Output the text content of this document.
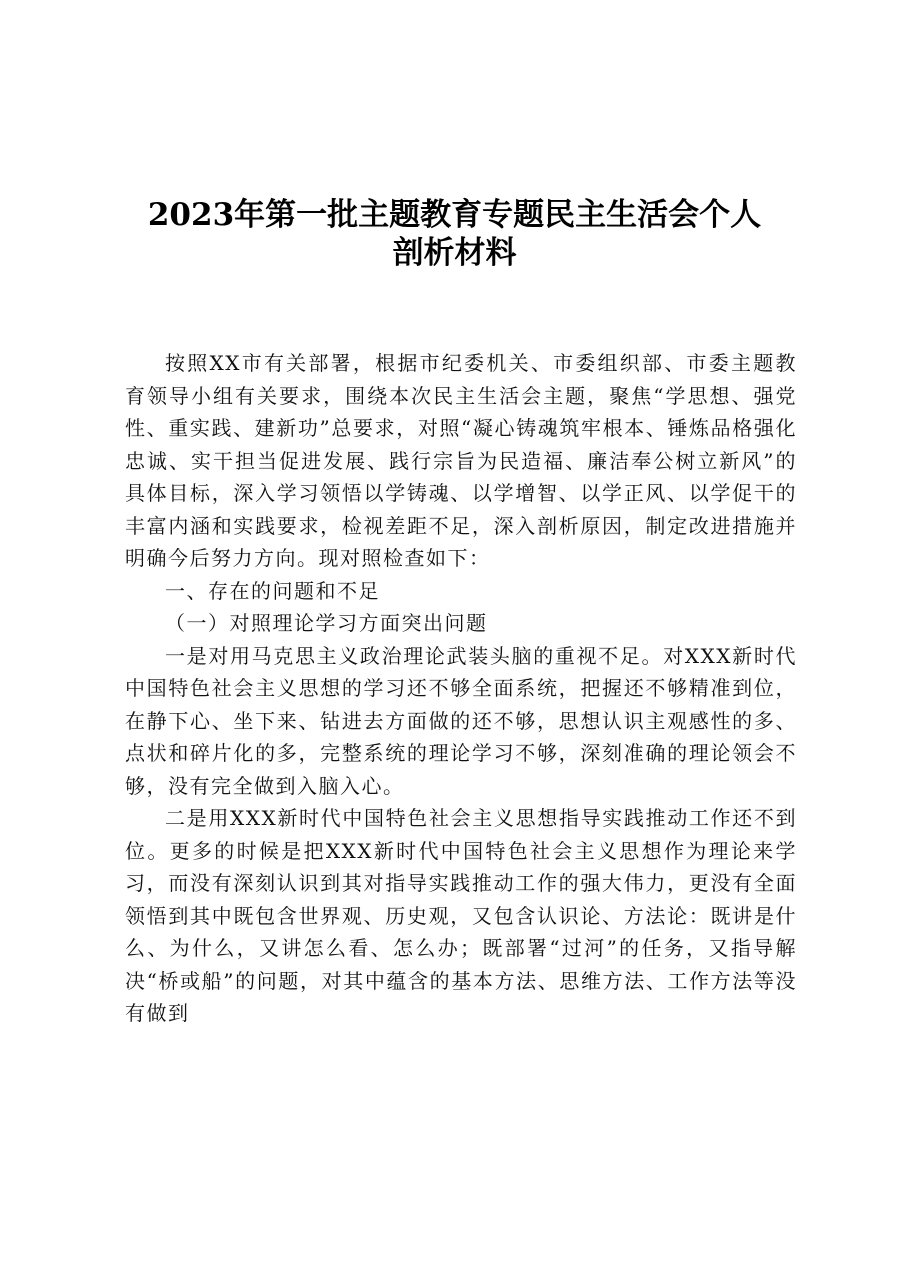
2023年第一批主题教育专题民主生活会个人
剖析材料

按照XX市有关部署，根据市纪委机关、市委组织部、市委主题教育领导小组有关要求，围绕本次民主生活会主题，聚焦“学思想、强党性、重实践、建新功”总要求，对照“凝心铸魂筑牢根本、锤炼品格强化忠诚、实干担当促进发展、践行宗旨为民造福、廉洁奉公树立新风”的具体目标，深入学习领悟以学铸魂、以学增智、以学正风、以学促干的丰富内涵和实践要求，检视差距不足，深入剖析原因，制定改进措施并明确今后努力方向。现对照检查如下：

一、存在的问题和不足

（一）对照理论学习方面突出问题

一是对用马克思主义政治理论武装头脑的重视不足。对XXX新时代中国特色社会主义思想的学习还不够全面系统，把握还不够精准到位，在静下心、坐下来、钻进去方面做的还不够，思想认识主观感性的多、点状和碎片化的多，完整系统的理论学习不够，深刻准确的理论领会不够，没有完全做到入脑入心。

二是用XXX新时代中国特色社会主义思想指导实践推动工作还不到位。更多的时候是把XXX新时代中国特色社会主义思想作为理论来学习，而没有深刻认识到其对指导实践推动工作的强大伟力，更没有全面领悟到其中既包含世界观、历史观，又包含认识论、方法论：既讲是什么、为什么，又讲怎么看、怎么办；既部署“过河”的任务，又指导解决“桥或船”的问题，对其中蕴含的基本方法、思维方法、工作方法等没有做到
